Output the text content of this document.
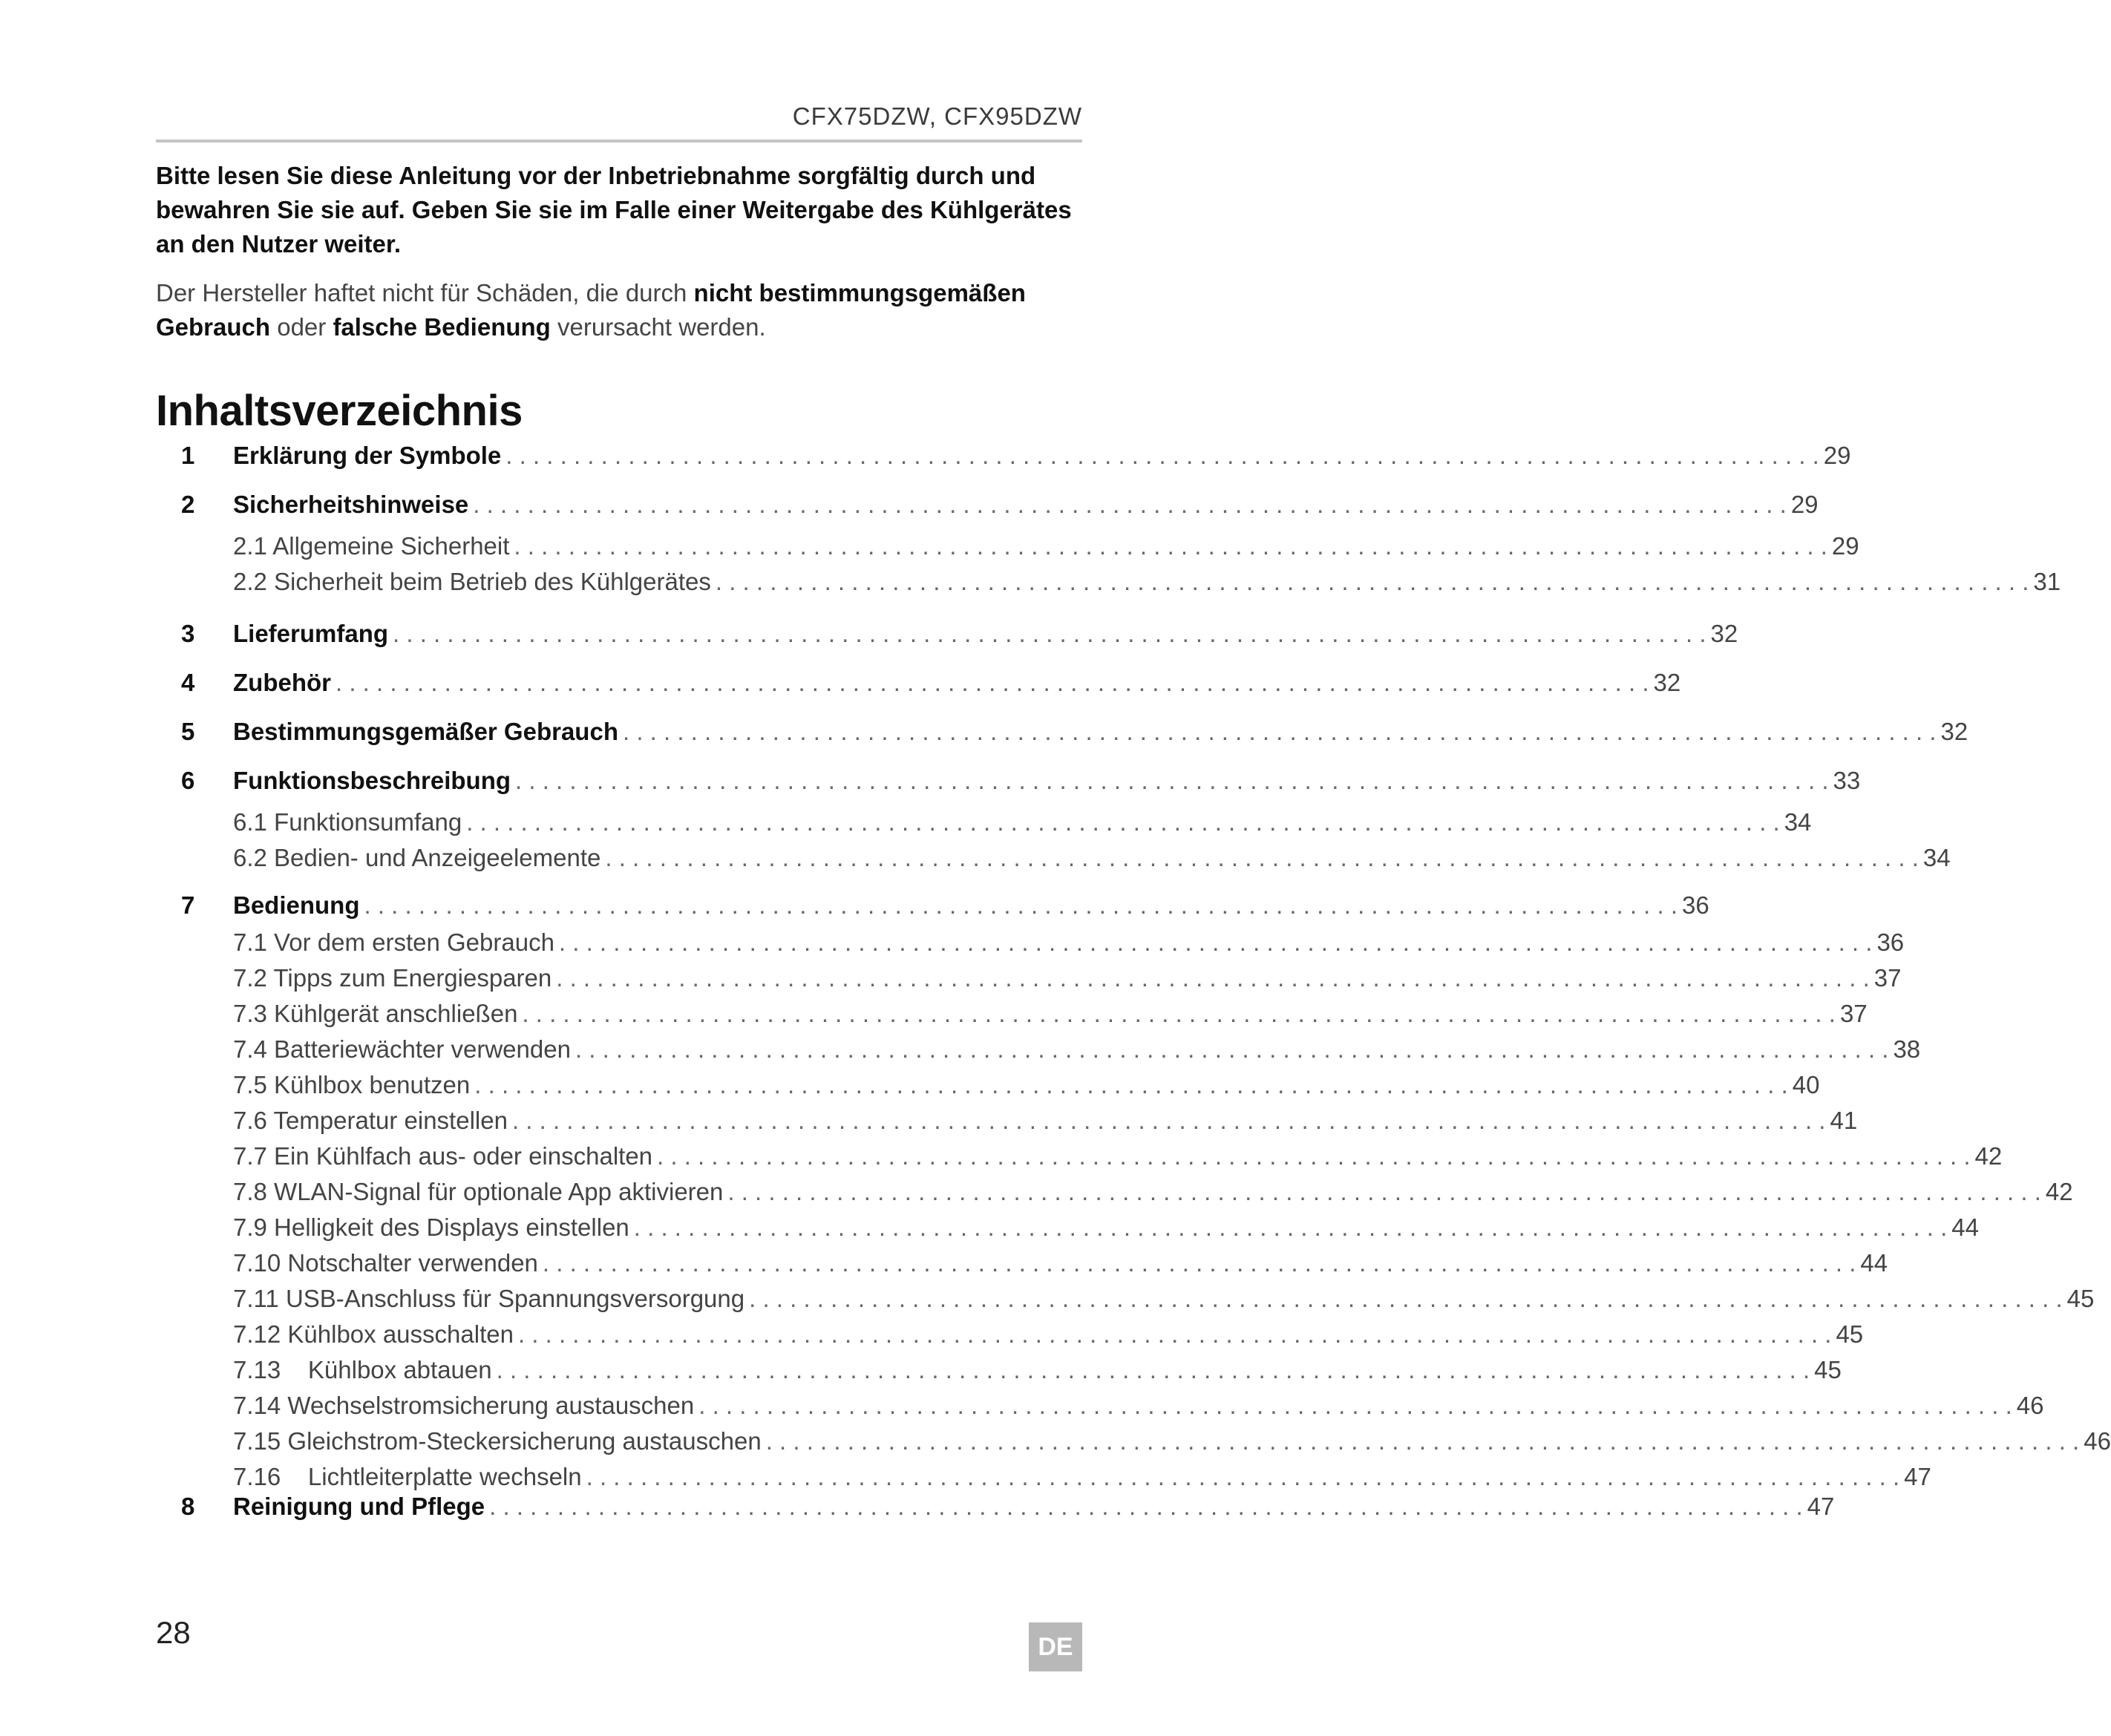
CFX75DZW, CFX95DZW
Bitte lesen Sie diese Anleitung vor der Inbetriebnahme sorgfältig durch und bewahren Sie sie auf. Geben Sie sie im Falle einer Weitergabe des Kühlgerätes an den Nutzer weiter.
Der Hersteller haftet nicht für Schäden, die durch nicht bestimmungsgemäßen Gebrauch oder falsche Bedienung verursacht werden.
Inhaltsverzeichnis
1 Erklärung der Symbole . . .	29
2 Sicherheitshinweise . . .	29
2.1 Allgemeine Sicherheit . . .	29
2.2 Sicherheit beim Betrieb des Kühlgerätes . . .	31
3 Lieferumfang . . .	32
4 Zubehör . . .	32
5 Bestimmungsgemäßer Gebrauch . . .	32
6 Funktionsbeschreibung . . .	33
6.1 Funktionsumfang . . .	34
6.2 Bedien- und Anzeigeelemente . . .	34
7 Bedienung . . .	36
7.1 Vor dem ersten Gebrauch . . .	36
7.2 Tipps zum Energiesparen . . .	37
7.3 Kühlgerät anschließen . . .	37
7.4 Batteriewächter verwenden . . .	38
7.5 Kühlbox benutzen . . .	40
7.6 Temperatur einstellen . . .	41
7.7 Ein Kühlfach aus- oder einschalten . . .	42
7.8 WLAN-Signal für optionale App aktivieren . . .	42
7.9 Helligkeit des Displays einstellen . . .	44
7.10 Notschalter verwenden . . .	44
7.11 USB-Anschluss für Spannungsversorgung . . .	45
7.12 Kühlbox ausschalten . . .	45
7.13    Kühlbox abtauen . . .	45
7.14 Wechselstromsicherung austauschen . . .	46
7.15 Gleichstrom-Steckersicherung austauschen . . .	46
7.16    Lichtleiterplatte wechseln . . .	47
8 Reinigung und Pflege . . .	47
28	DE
